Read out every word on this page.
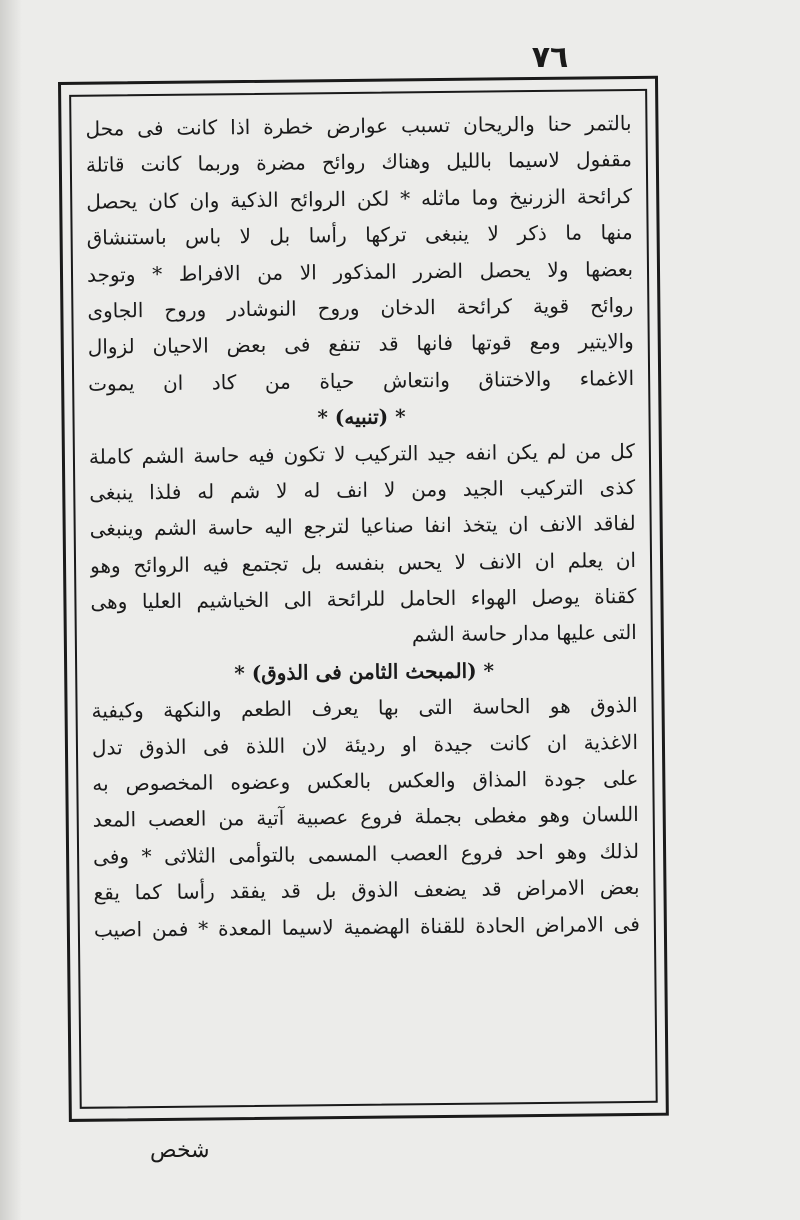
٧٦
بالتمر حنا والريحان تسبب عوارض خطرة اذا كانت فى محل
مقفول لاسيما بالليل وهناك روائح مضرة وربما كانت قاتلة
كرائحة الزرنيخ وما ماثله * لكن الروائح الذكية وان كان يحصل
منها ما ذكر لا ينبغى تركها رأسا بل لا باس باستنشاق
بعضها ولا يحصل الضرر المذكور الا من الافراط * وتوجد
روائح قوية كرائحة الدخان وروح النوشادر وروح الجاوى
والايتير ومع قوتها فانها قد تنفع فى بعض الاحيان لزوال
الاغماء والاختناق وانتعاش حياة من كاد ان يموت
* (تنبيه) *
كل من لم يكن انفه جيد التركيب لا تكون فيه حاسة الشم كاملة
كذى التركيب الجيد ومن لا انف له لا شم له فلذا ينبغى
لفاقد الانف ان يتخذ انفا صناعيا لترجع اليه حاسة الشم وينبغى
ان يعلم ان الانف لا يحس بنفسه بل تجتمع فيه الروائح وهو
كقناة يوصل الهواء الحامل للرائحة الى الخياشيم العليا وهى
التى عليها مدار حاسة الشم
* (المبحث الثامن فى الذوق) *
الذوق هو الحاسة التى بها يعرف الطعم والنكهة وكيفية
الاغذية ان كانت جيدة او رديئة لان اللذة فى الذوق تدل
على جودة المذاق والعكس بالعكس وعضوه المخصوص به
اللسان وهو مغطى بجملة فروع عصبية آتية من العصب المعد
لذلك وهو احد فروع العصب المسمى بالتوأمى الثلاثى * وفى
بعض الامراض قد يضعف الذوق بل قد يفقد رأسا كما يقع
فى الامراض الحادة للقناة الهضمية لاسيما المعدة * فمن اصيب
شخص
